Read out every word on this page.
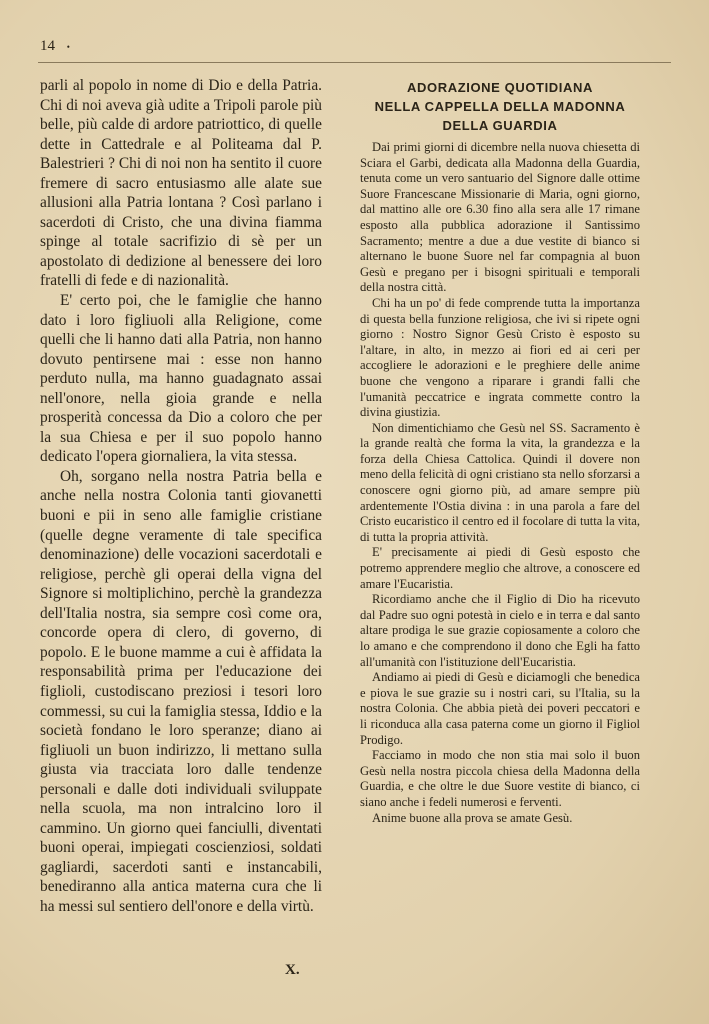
14 •

parli al popolo in nome di Dio e della Patria. Chi di noi aveva già udite a Tripoli parole più belle, più calde di ardore patriottico, di quelle dette in Cattedrale e al Politeama dal P. Balestrieri ? Chi di noi non ha sentito il cuore fremere di sacro entusiasmo alle alate sue allusioni alla Patria lontana ? Così parlano i sacerdoti di Cristo, che una divina fiamma spinge al totale sacrifizio di sè per un apostolato di dedizione al benessere dei loro fratelli di fede e di nazionalità.

E' certo poi, che le famiglie che hanno dato i loro figliuoli alla Religione, come quelli che li hanno dati alla Patria, non hanno dovuto pentirsene mai : esse non hanno perduto nulla, ma hanno guadagnato assai nell'onore, nella gioia grande e nella prosperità concessa da Dio a coloro che per la sua Chiesa e per il suo popolo hanno dedicato l'opera giornaliera, la vita stessa.

Oh, sorgano nella nostra Patria bella e anche nella nostra Colonia tanti giovanetti buoni e pii in seno alle famiglie cristiane (quelle degne veramente di tale specifica denominazione) delle vocazioni sacerdotali e religiose, perchè gli operai della vigna del Signore si moltiplichino, perchè la grandezza dell'Italia nostra, sia sempre così come ora, concorde opera di clero, di governo, di popolo. E le buone mamme a cui è affidata la responsabilità prima per l'educazione dei figlioli, custodiscano preziosi i tesori loro commessi, su cui la famiglia stessa, Iddio e la società fondano le loro speranze; diano ai figliuoli un buon indirizzo, li mettano sulla giusta via tracciata loro dalle tendenze personali e dalle doti individuali sviluppate nella scuola, ma non intralcino loro il cammino. Un giorno quei fanciulli, diventati buoni operai, impiegati coscienziosi, soldati gagliardi, sacerdoti santi e instancabili, benediranno alla antica materna cura che li ha messi sul sentiero dell'onore e della virtù.

X.
ADORAZIONE QUOTIDIANA
NELLA CAPPELLA DELLA MADONNA
DELLA GUARDIA

Dai primi giorni di dicembre nella nuova chiesetta di Sciara el Garbi, dedicata alla Madonna della Guardia, tenuta come un vero santuario del Signore dalle ottime Suore Francescane Missionarie di Maria, ogni giorno, dal mattino alle ore 6.30 fino alla sera alle 17 rimane esposto alla pubblica adorazione il Santissimo Sacramento; mentre a due a due vestite di bianco si alternano le buone Suore nel far compagnia al buon Gesù e pregano per i bisogni spirituali e temporali della nostra città.

Chi ha un po' di fede comprende tutta la importanza di questa bella funzione religiosa, che ivi si ripete ogni giorno : Nostro Signor Gesù Cristo è esposto su l'altare, in alto, in mezzo ai fiori ed ai ceri per accogliere le adorazioni e le preghiere delle anime buone che vengono a riparare i grandi falli che l'umanità peccatrice e ingrata commette contro la divina giustizia.

Non dimentichiamo che Gesù nel SS. Sacramento è la grande realtà che forma la vita, la grandezza e la forza della Chiesa Cattolica. Quindi il dovere non meno della felicità di ogni cristiano sta nello sforzarsi a conoscere ogni giorno più, ad amare sempre più ardentemente l'Ostia divina : in una parola a fare del Cristo eucaristico il centro ed il focolare di tutta la vita, di tutta la propria attività.

E' precisamente ai piedi di Gesù esposto che potremo apprendere meglio che altrove, a conoscere ed amare l'Eucaristia.

Ricordiamo anche che il Figlio di Dio ha ricevuto dal Padre suo ogni potestà in cielo e in terra e dal santo altare prodiga le sue grazie copiosamente a coloro che lo amano e che comprendono il dono che Egli ha fatto all'umanità con l'istituzione dell'Eucaristia.

Andiamo ai piedi di Gesù e diciamogli che benedica e piova le sue grazie su i nostri cari, su l'Italia, su la nostra Colonia. Che abbia pietà dei poveri peccatori e li riconduca alla casa paterna come un giorno il Figliol Prodigo.

Facciamo in modo che non stia mai solo il buon Gesù nella nostra piccola chiesa della Madonna della Guardia, e che oltre le due Suore vestite di bianco, ci siano anche i fedeli numerosi e ferventi.

Anime buone alla prova se amate Gesù.
